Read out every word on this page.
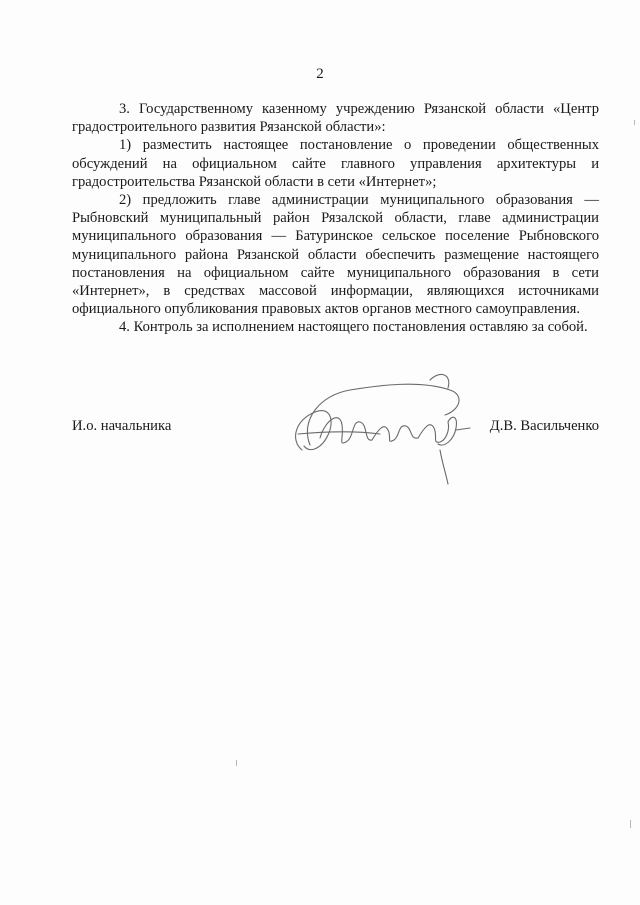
2

3. Государственному казенному учреждению Рязанской области «Центр градостроительного развития Рязанской области»:

1) разместить настоящее постановление о проведении общественных обсуждений на официальном сайте главного управления архитектуры и градостроительства Рязанской области в сети «Интернет»;

2) предложить главе администрации муниципального образования — Рыбновский муниципальный район Рязалской области, главе администрации муниципального образования — Батуринское сельское поселение Рыбновского муниципального района Рязанской области обеспечить размещение настоящего постановления на официальном сайте муниципального образования в сети «Интернет», в средствах массовой информации, являющихся источниками официального опубликования правовых актов органов местного самоуправления.

4. Контроль за исполнением настоящего постановления оставляю за собой.

И.о. начальника	Д.В. Васильченко
